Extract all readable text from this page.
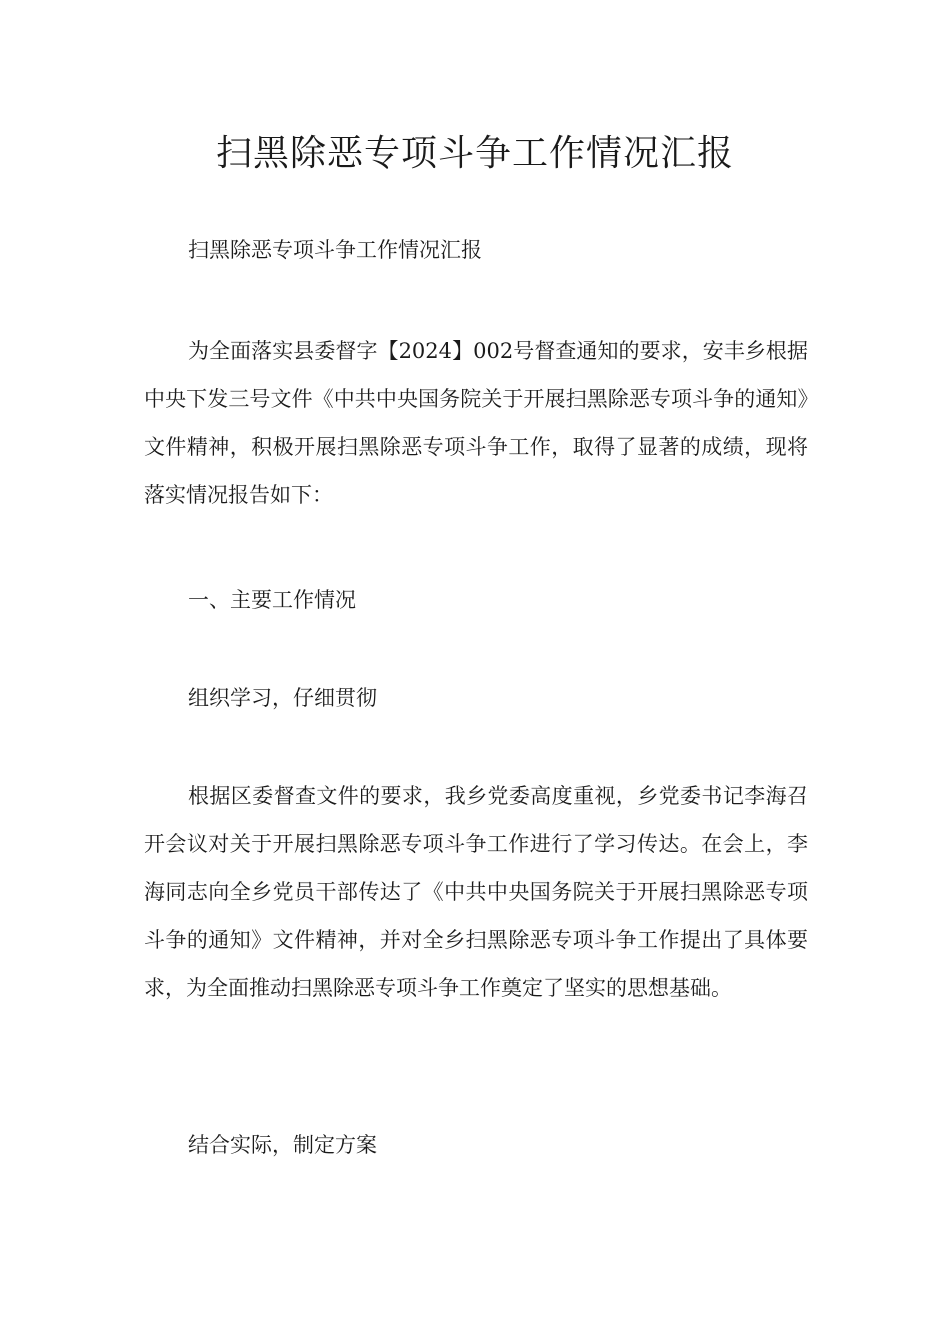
扫黑除恶专项斗争工作情况汇报

扫黑除恶专项斗争工作情况汇报

为全面落实县委督字【2024】002号督查通知的要求，安丰乡根据中央下发三号文件《中共中央国务院关于开展扫黑除恶专项斗争的通知》文件精神，积极开展扫黑除恶专项斗争工作，取得了显著的成绩，现将落实情况报告如下：

一、主要工作情况

组织学习，仔细贯彻

根据区委督查文件的要求，我乡党委高度重视，乡党委书记李海召开会议对关于开展扫黑除恶专项斗争工作进行了学习传达。在会上，李海同志向全乡党员干部传达了《中共中央国务院关于开展扫黑除恶专项斗争的通知》文件精神，并对全乡扫黑除恶专项斗争工作提出了具体要求，为全面推动扫黑除恶专项斗争工作奠定了坚实的思想基础。

结合实际，制定方案
